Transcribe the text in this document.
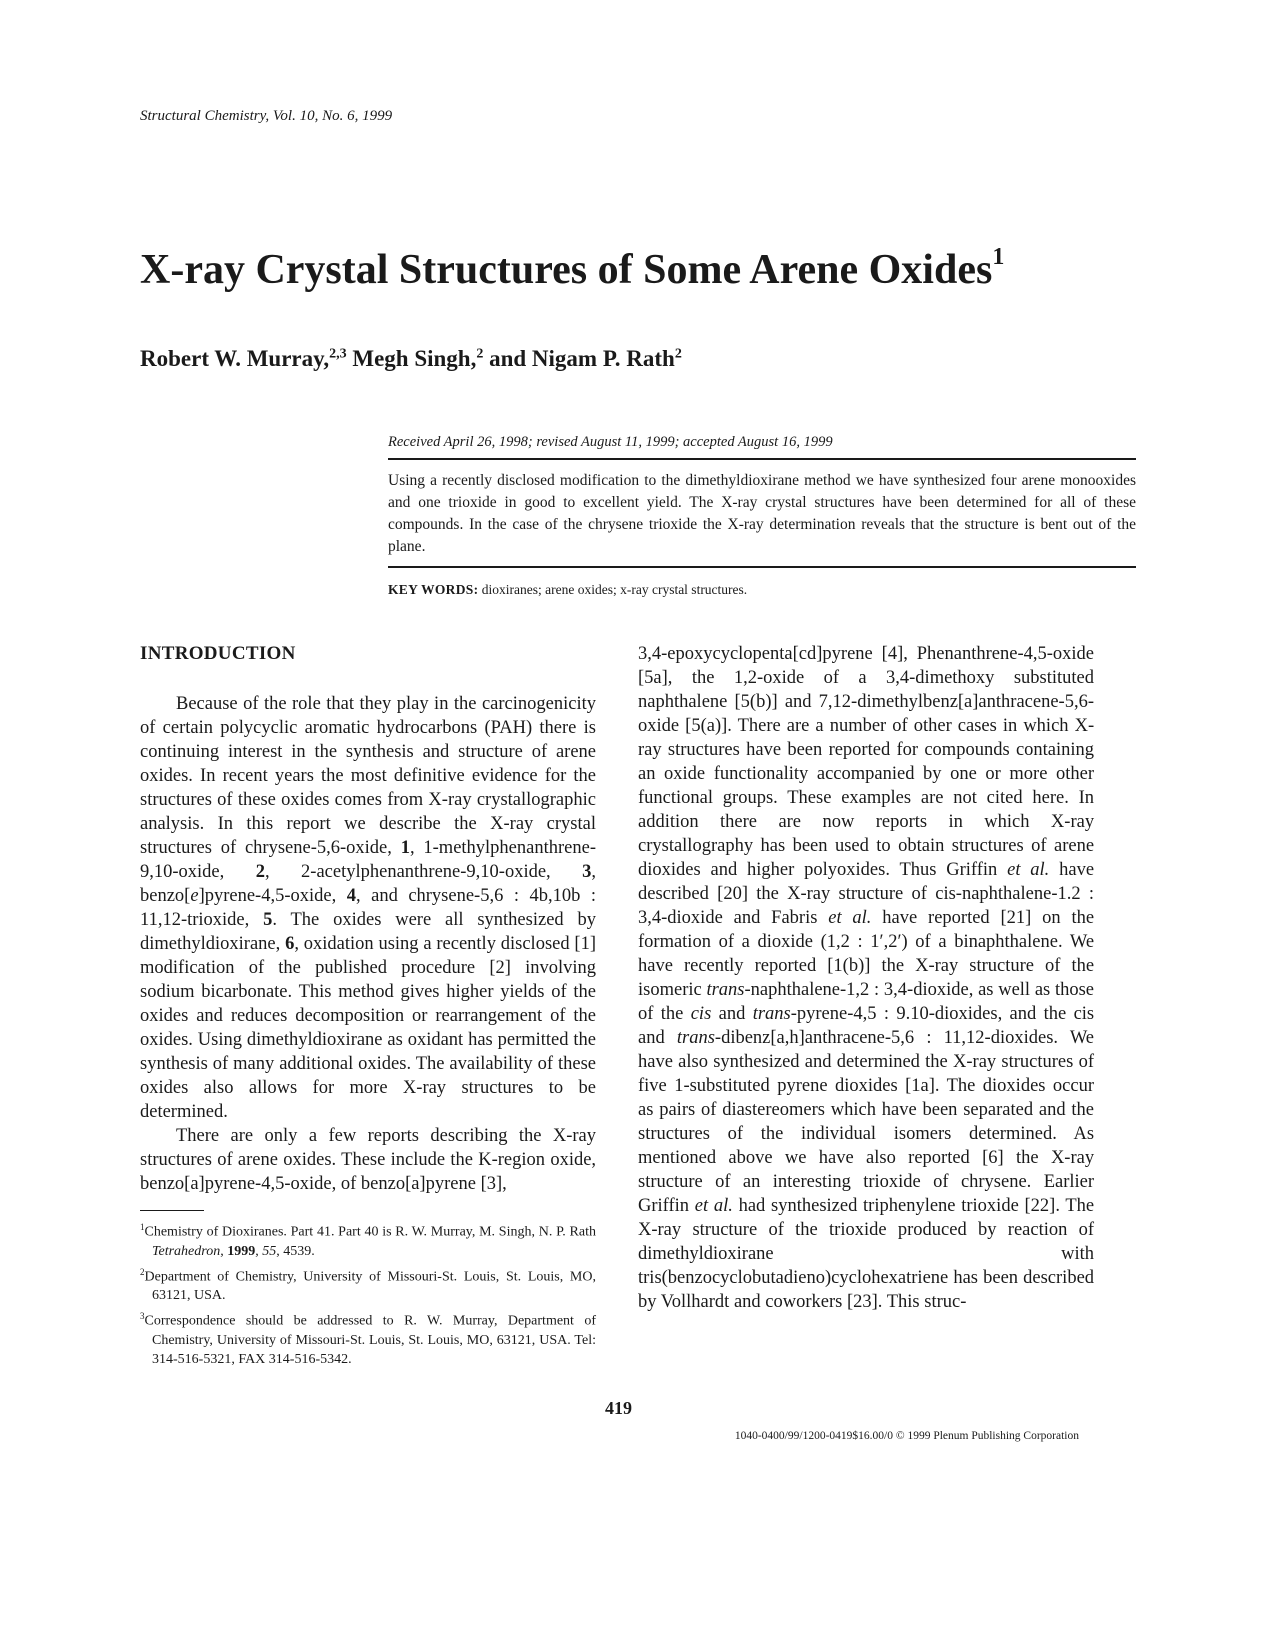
Structural Chemistry, Vol. 10, No. 6, 1999
X-ray Crystal Structures of Some Arene Oxides$^1$

Robert W. Murray,$^{2,3}$ Megh Singh,$^2$ and Nigam P. Rath$^2$

Received April 26, 1998; revised August 11, 1999; accepted August 16, 1999
Using a recently disclosed modification to the dimethyldioxirane method we have synthesized four arene monooxides and one trioxide in good to excellent yield. The X-ray crystal structures have been determined for all of these compounds. In the case of the chrysene trioxide the X-ray determination reveals that the structure is bent out of the plane.
KEY WORDS: dioxiranes; arene oxides; x-ray crystal structures.
INTRODUCTION

Because of the role that they play in the carcinogenicity of certain polycyclic aromatic hydrocarbons (PAH) there is continuing interest in the synthesis and structure of arene oxides. In recent years the most definitive evidence for the structures of these oxides comes from X-ray crystallographic analysis. In this report we describe the X-ray crystal structures of chrysene-5,6-oxide, 1, 1-methylphenanthrene-9,10-oxide, 2, 2-acetylphenanthrene-9,10-oxide, 3, benzo[e]pyrene-4,5-oxide, 4, and chrysene-5,6 : 4b,10b : 11,12-trioxide, 5. The oxides were all synthesized by dimethyldioxirane, 6, oxidation using a recently disclosed [1] modification of the published procedure [2] involving sodium bicarbonate. This method gives higher yields of the oxides and reduces decomposition or rearrangement of the oxides. Using dimethyldioxirane as oxidant has permitted the synthesis of many additional oxides. The availability of these oxides also allows for more X-ray structures to be determined.

There are only a few reports describing the X-ray structures of arene oxides. These include the K-region oxide, benzo[a]pyrene-4,5-oxide, of benzo[a]pyrene [3],

3,4-epoxycyclopenta[cd]pyrene [4], Phenanthrene-4,5-oxide [5a], the 1,2-oxide of a 3,4-dimethoxy substituted naphthalene [5(b)] and 7,12-dimethylbenz[a]anthracene-5,6-oxide [5(a)]. There are a number of other cases in which X-ray structures have been reported for compounds containing an oxide functionality accompanied by one or more other functional groups. These examples are not cited here. In addition there are now reports in which X-ray crystallography has been used to obtain structures of arene dioxides and higher polyoxides. Thus Griffin et al. have described [20] the X-ray structure of cis-naphthalene-1.2 : 3,4-dioxide and Fabris et al. have reported [21] on the formation of a dioxide (1,2 : 1′,2′) of a binaphthalene. We have recently reported [1(b)] the X-ray structure of the isomeric trans-naphthalene-1,2 : 3,4-dioxide, as well as those of the cis and trans-pyrene-4,5 : 9.10-dioxides, and the cis and trans-dibenz[a,h]anthracene-5,6 : 11,12-dioxides. We have also synthesized and determined the X-ray structures of five 1-substituted pyrene dioxides [1a]. The dioxides occur as pairs of diastereomers which have been separated and the structures of the individual isomers determined. As mentioned above we have also reported [6] the X-ray structure of an interesting trioxide of chrysene. Earlier Griffin et al. had synthesized triphenylene trioxide [22]. The X-ray structure of the trioxide produced by reaction of dimethyldioxirane	with tris(benzocyclobutadieno)cyclohexatriene has been described by Vollhardt and coworkers [23]. This struc-

$^1$Chemistry of Dioxiranes. Part 41. Part 40 is R. W. Murray, M. Singh, N. P. Rath Tetrahedron, 1999, 55, 4539.

$^2$Department of Chemistry, University of Missouri-St. Louis, St. Louis, MO, 63121, USA.

$^3$Correspondence should be addressed to R. W. Murray, Department of Chemistry, University of Missouri-St. Louis, St. Louis, MO, 63121, USA. Tel: 314-516-5321, FAX 314-516-5342.

419
1040-0400/99/1200-0419$16.00/0 © 1999 Plenum Publishing Corporation
